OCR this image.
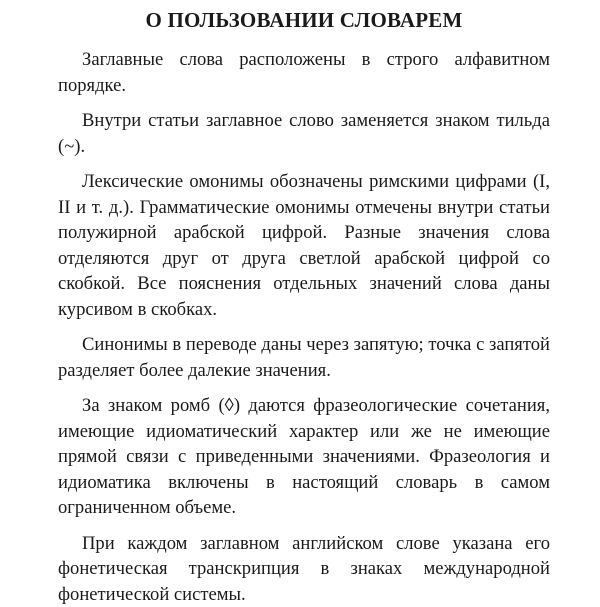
О ПОЛЬЗОВАНИИ СЛОВАРЕМ

Заглавные слова расположены в строго алфавитном порядке.

Внутри статьи заглавное слово заменяется знаком тильда (~).

Лексические омонимы обозначены римскими цифрами (I, II и т. д.). Грамматические омонимы отмечены внутри статьи полужирной арабской цифрой. Разные значения слова отделяются друг от друга светлой арабской цифрой со скобкой. Все пояснения отдельных значений слова даны курсивом в скобках.

Синонимы в переводе даны через запятую; точка с запятой разделяет более далекие значения.

За знаком ромб (◊) даются фразеологические сочетания, имеющие идиоматический характер или же не имеющие прямой связи с приведенными значениями. Фразеология и идиоматика включены в настоящий словарь в самом ограниченном объеме.

При каждом заглавном английском слове указана его фонетическая транскрипция в знаках международной фонетической системы.
